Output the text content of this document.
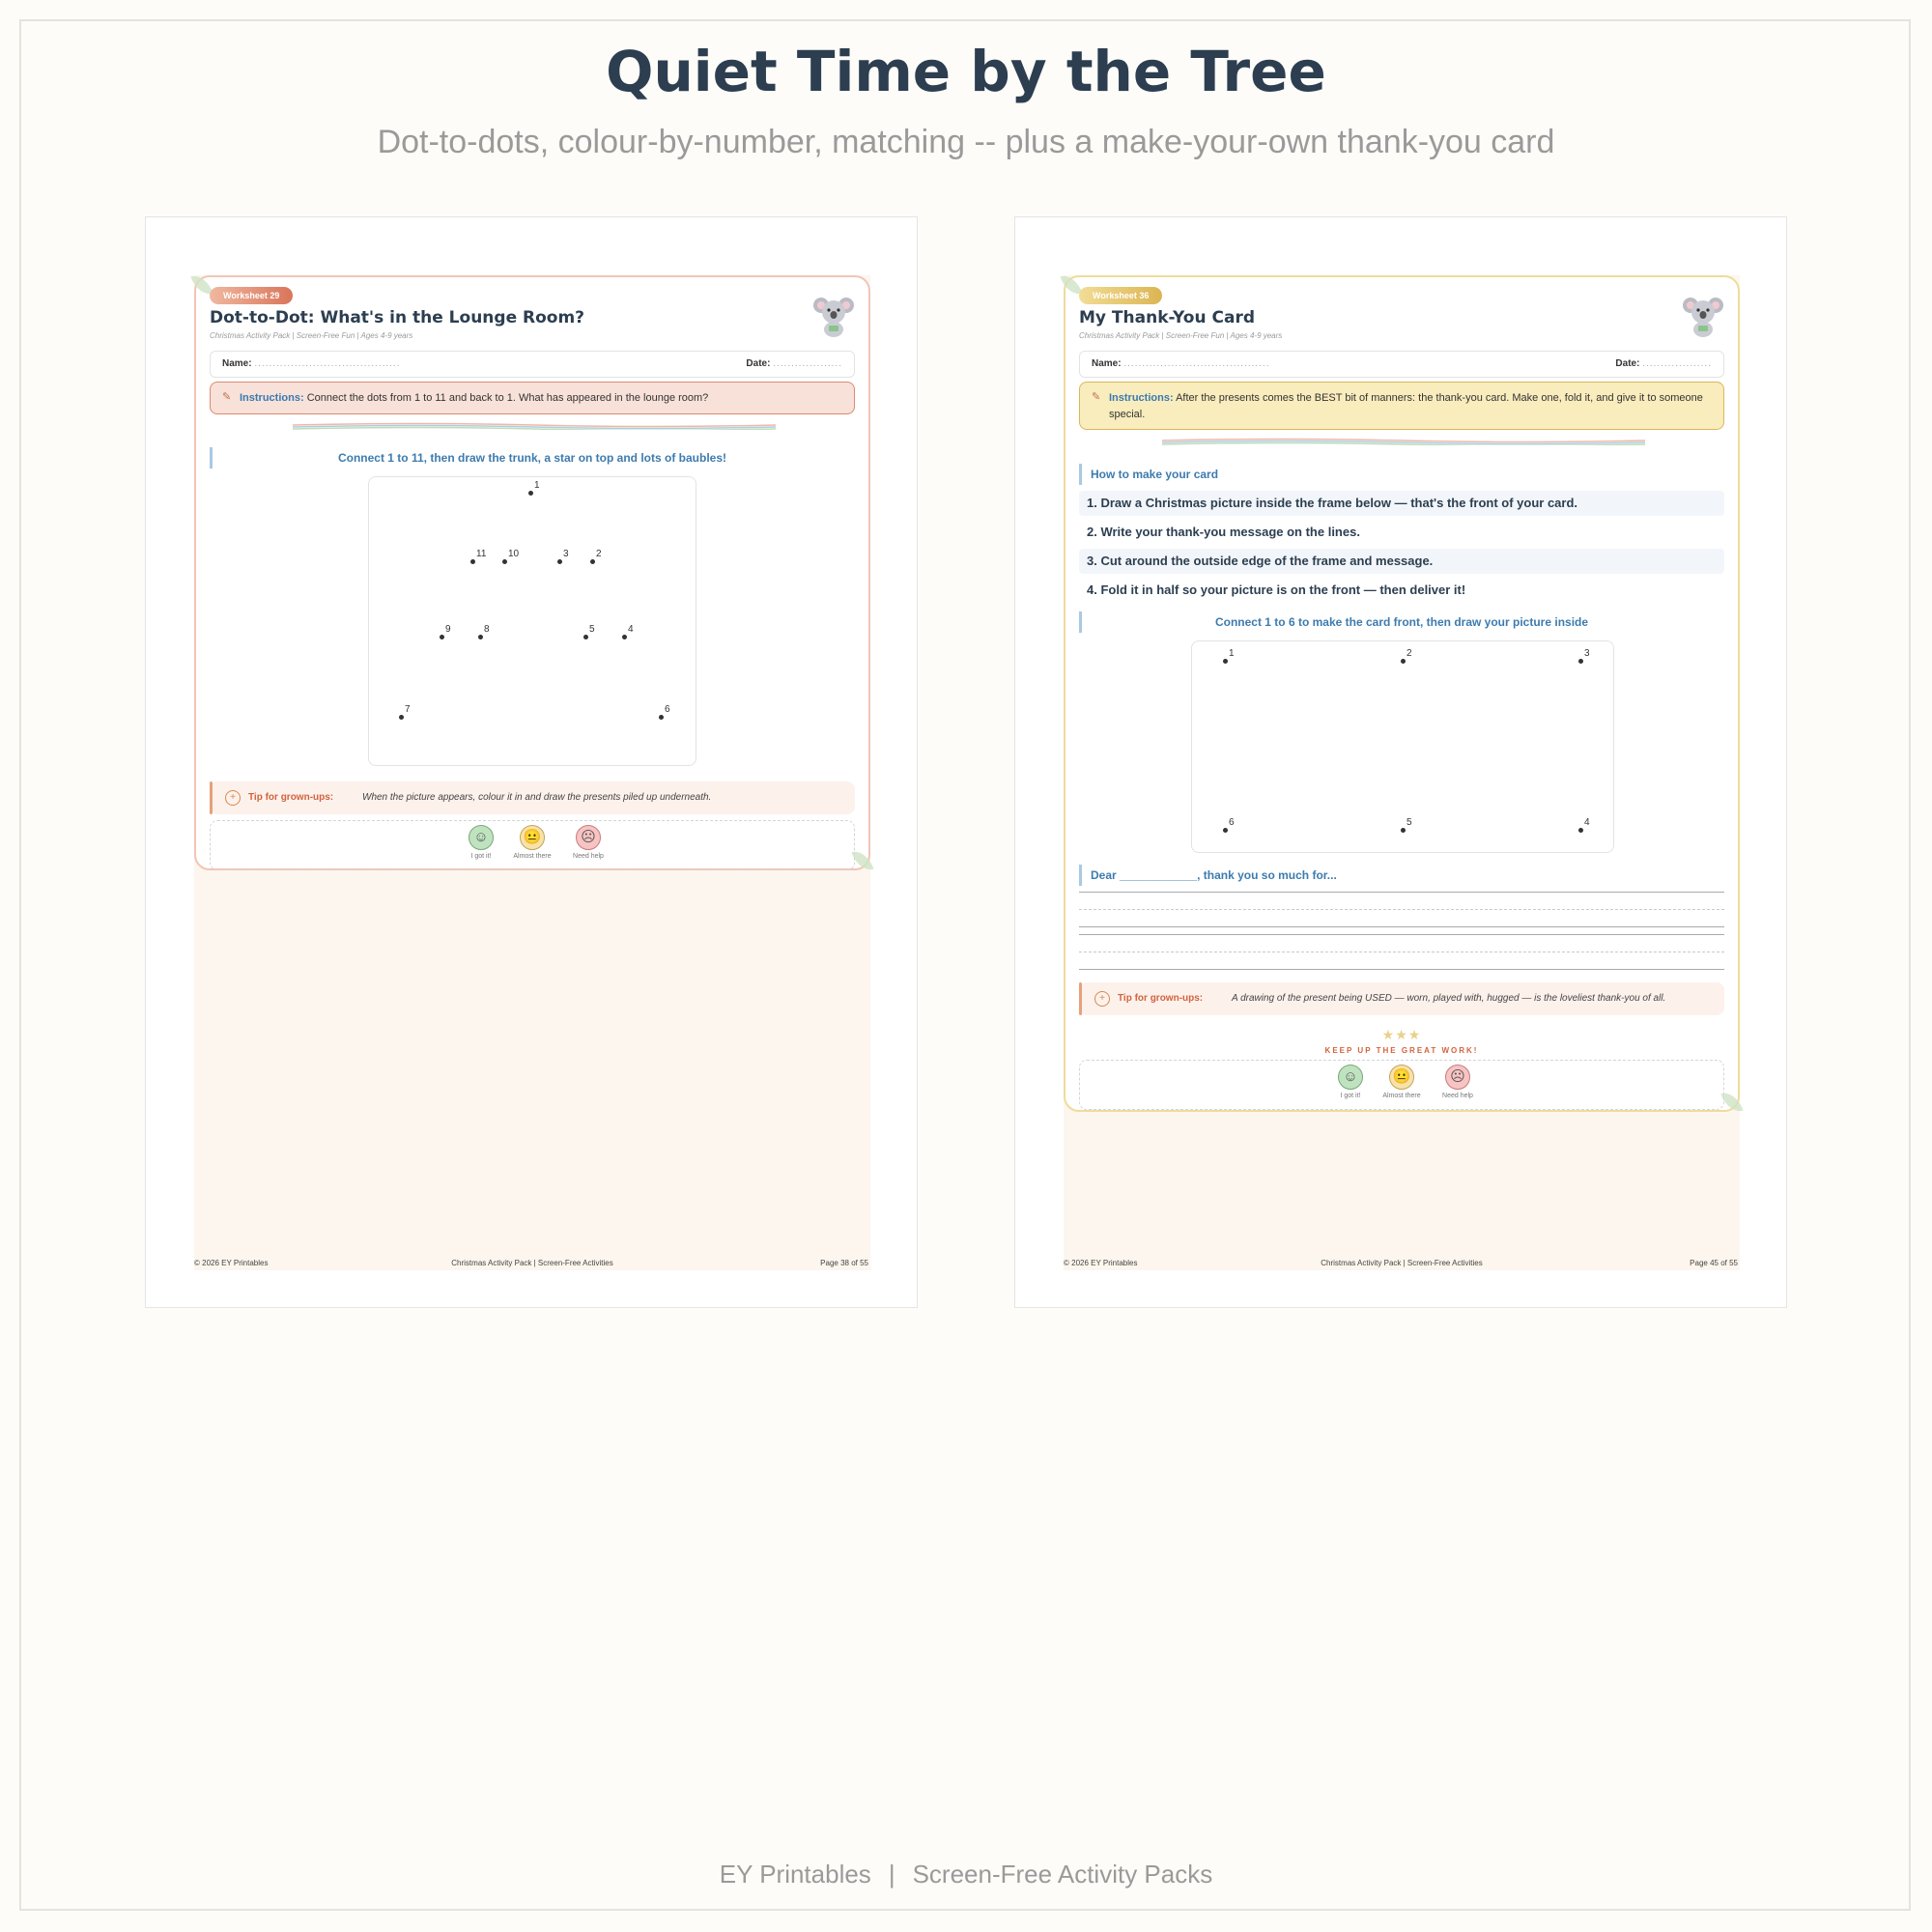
Quiet Time by the Tree
Dot-to-dots, colour-by-number, matching -- plus a make-your-own thank-you card
Worksheet 29
Dot-to-Dot: What's in the Lounge Room?
Christmas Activity Pack | Screen-Free Fun | Ages 4-9 years
Name: ........................................	Date: ...................
✎ Instructions: Connect the dots from 1 to 11 and back to 1. What has appeared in the lounge room?
Connect 1 to 11, then draw the trunk, a star on top and lots of baubles!
1
2
3
4
5
6
7
8
9
10
11
+	Tip for grown-ups:	When the picture appears, colour it in and draw the presents piled up underneath.
☺
I got it!
😐
Almost there
☹
Need help
© 2026 EY Printables	Christmas Activity Pack | Screen-Free Activities	Page 38 of 55
Worksheet 36
My Thank-You Card
Christmas Activity Pack | Screen-Free Fun | Ages 4-9 years
Name: ........................................	Date: ...................
✎ Instructions: After the presents comes the BEST bit of manners: the thank-you card. Make one, fold it, and give it to someone special.
How to make your card
1. Draw a Christmas picture inside the frame below — that's the front of your card.
2. Write your thank-you message on the lines.
3. Cut around the outside edge of the frame and message.
4. Fold it in half so your picture is on the front — then deliver it!
Connect 1 to 6 to make the card front, then draw your picture inside
1	2	3
4
5
6
Dear ____________, thank you so much for...
+	Tip for grown-ups:	A drawing of the present being USED — worn, played with, hugged — is the loveliest thank-you of all.
★★★
KEEP UP THE GREAT WORK!
☺
I got it!
😐
Almost there
☹
Need help
© 2026 EY Printables	Christmas Activity Pack | Screen-Free Activities	Page 45 of 55
EY Printables | Screen-Free Activity Packs
